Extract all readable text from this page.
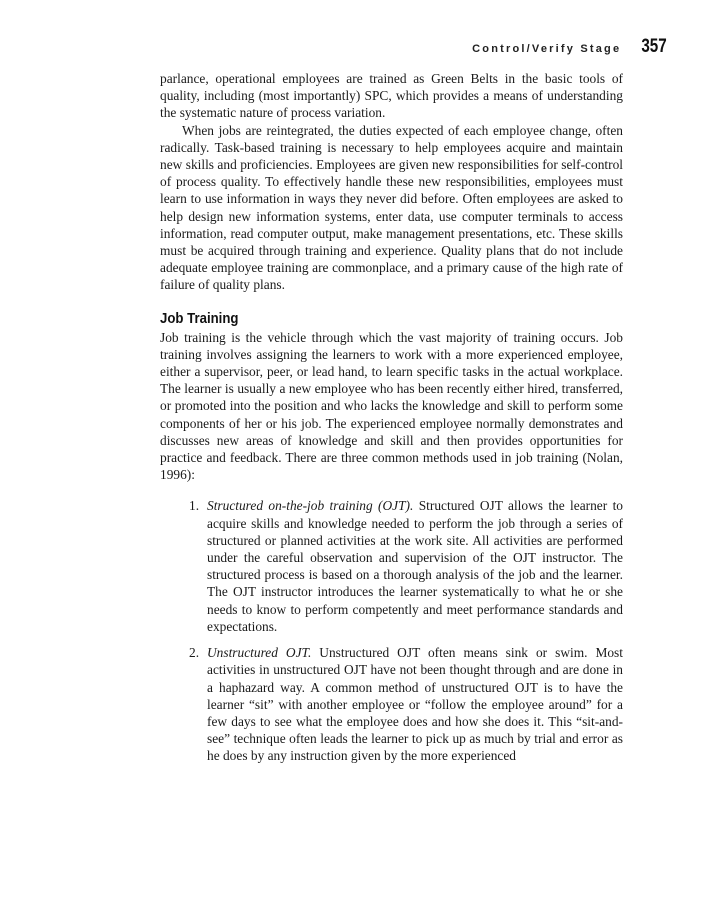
Control/Verify Stage 357

parlance, operational employees are trained as Green Belts in the basic tools of quality, including (most importantly) SPC, which provides a means of understanding the systematic nature of process variation.

When jobs are reintegrated, the duties expected of each employee change, often radically. Task-based training is necessary to help employees acquire and maintain new skills and proficiencies. Employees are given new responsibilities for self-control of process quality. To effectively handle these new responsibilities, employees must learn to use information in ways they never did before. Often employees are asked to help design new information systems, enter data, use computer terminals to access information, read computer output, make management presentations, etc. These skills must be acquired through training and experience. Quality plans that do not include adequate employee training are commonplace, and a primary cause of the high rate of failure of quality plans.

Job Training

Job training is the vehicle through which the vast majority of training occurs. Job training involves assigning the learners to work with a more experienced employee, either a supervisor, peer, or lead hand, to learn specific tasks in the actual workplace. The learner is usually a new employee who has been recently either hired, transferred, or promoted into the position and who lacks the knowledge and skill to perform some components of her or his job. The experienced employee normally demonstrates and discusses new areas of knowledge and skill and then provides opportunities for practice and feedback. There are three common methods used in job training (Nolan, 1996):

1. Structured on-the-job training (OJT). Structured OJT allows the learner to acquire skills and knowledge needed to perform the job through a series of structured or planned activities at the work site. All activities are performed under the careful observation and supervision of the OJT instructor. The structured process is based on a thorough analysis of the job and the learner. The OJT instructor introduces the learner systematically to what he or she needs to know to perform competently and meet performance standards and expectations.

2. Unstructured OJT. Unstructured OJT often means sink or swim. Most activities in unstructured OJT have not been thought through and are done in a haphazard way. A common method of unstructured OJT is to have the learner “sit” with another employee or “follow the employee around” for a few days to see what the employee does and how she does it. This “sit-and-see” technique often leads the learner to pick up as much by trial and error as he does by any instruction given by the more experienced
